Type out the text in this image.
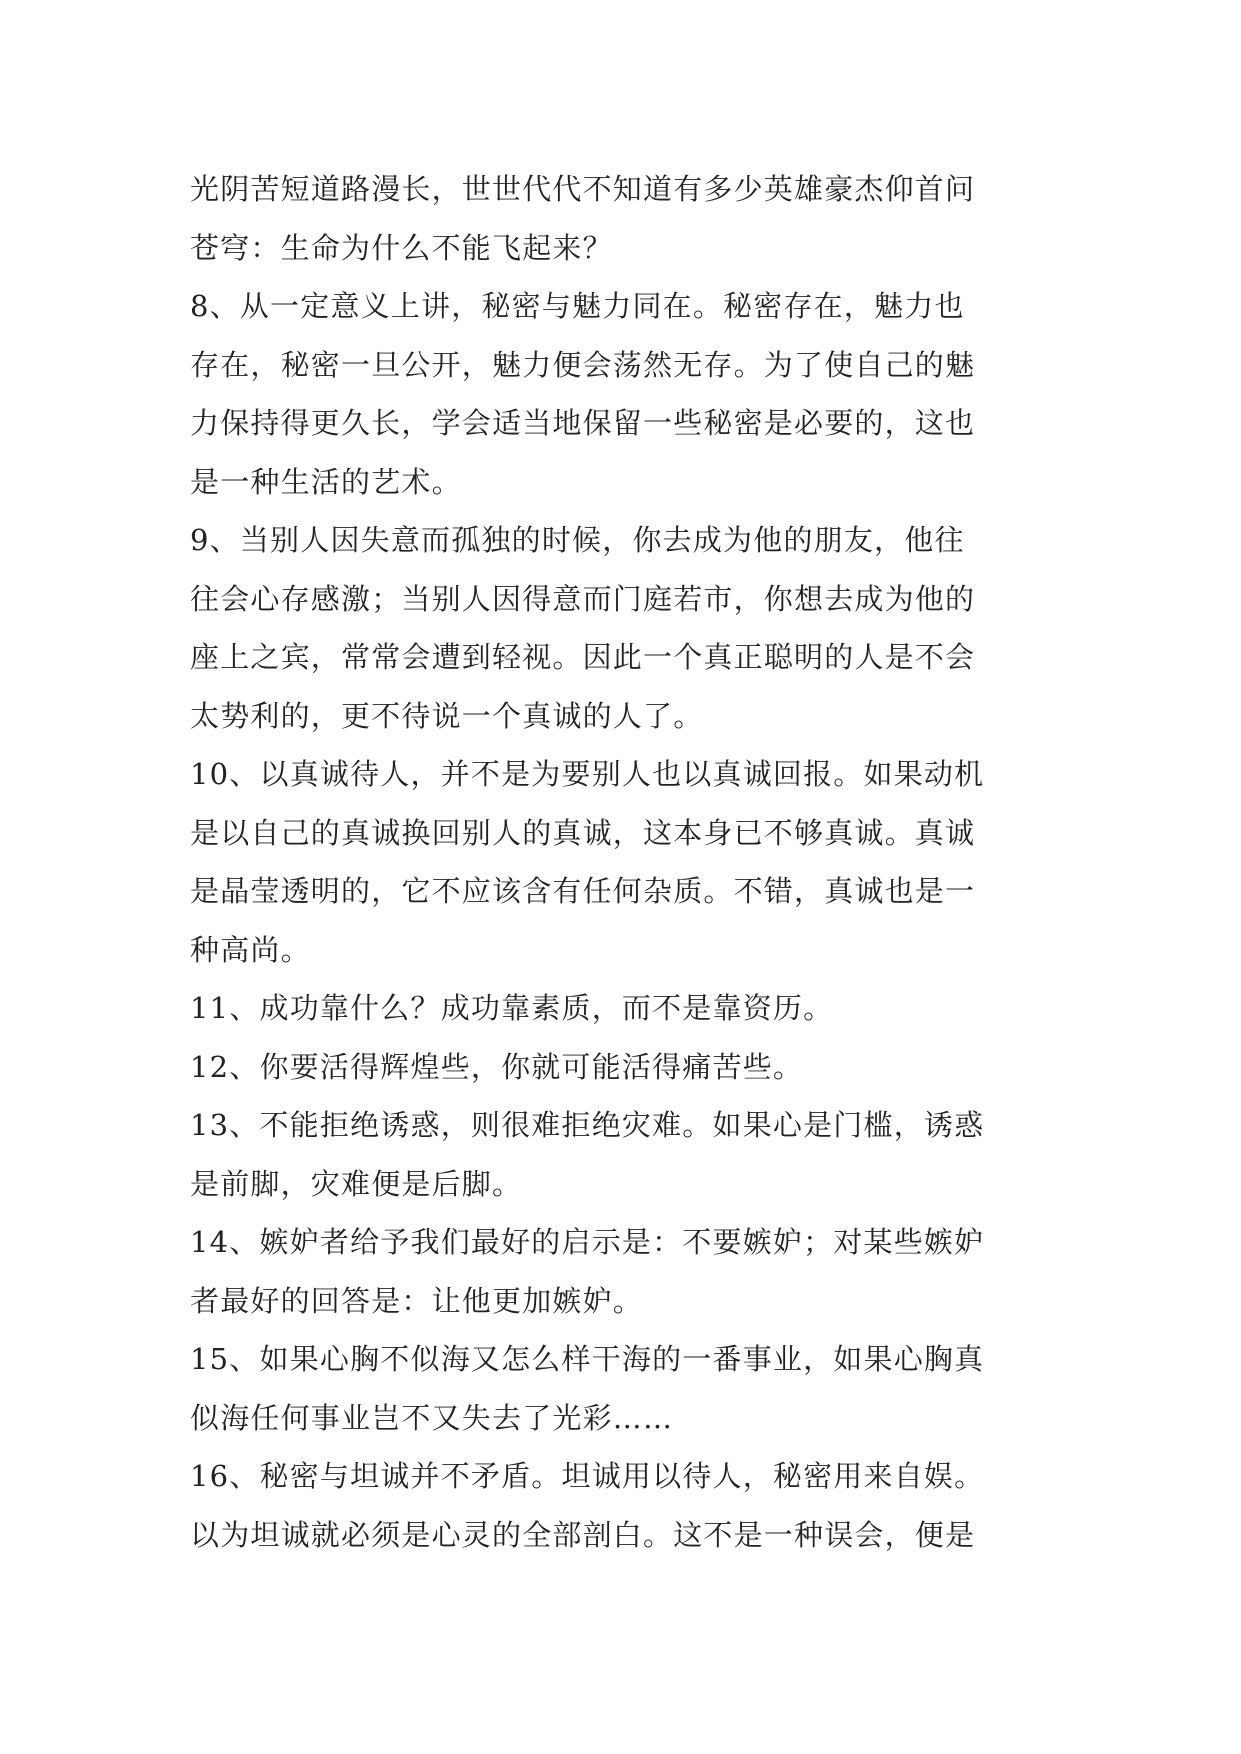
光阴苦短道路漫长，世世代代不知道有多少英雄豪杰仰首问
苍穹：生命为什么不能飞起来？
8、从一定意义上讲，秘密与魅力同在。秘密存在，魅力也
存在，秘密一旦公开，魅力便会荡然无存。为了使自己的魅
力保持得更久长，学会适当地保留一些秘密是必要的，这也
是一种生活的艺术。
9、当别人因失意而孤独的时候，你去成为他的朋友，他往
往会心存感激；当别人因得意而门庭若市，你想去成为他的
座上之宾，常常会遭到轻视。因此一个真正聪明的人是不会
太势利的，更不待说一个真诚的人了。
10、以真诚待人，并不是为要别人也以真诚回报。如果动机
是以自己的真诚换回别人的真诚，这本身已不够真诚。真诚
是晶莹透明的，它不应该含有任何杂质。不错，真诚也是一
种高尚。
11、成功靠什么？成功靠素质，而不是靠资历。
12、你要活得辉煌些，你就可能活得痛苦些。
13、不能拒绝诱惑，则很难拒绝灾难。如果心是门槛，诱惑
是前脚，灾难便是后脚。
14、嫉妒者给予我们最好的启示是：不要嫉妒；对某些嫉妒
者最好的回答是：让他更加嫉妒。
15、如果心胸不似海又怎么样干海的一番事业，如果心胸真
似海任何事业岂不又失去了光彩……
16、秘密与坦诚并不矛盾。坦诚用以待人，秘密用来自娱。
以为坦诚就必须是心灵的全部剖白。这不是一种误会，便是
